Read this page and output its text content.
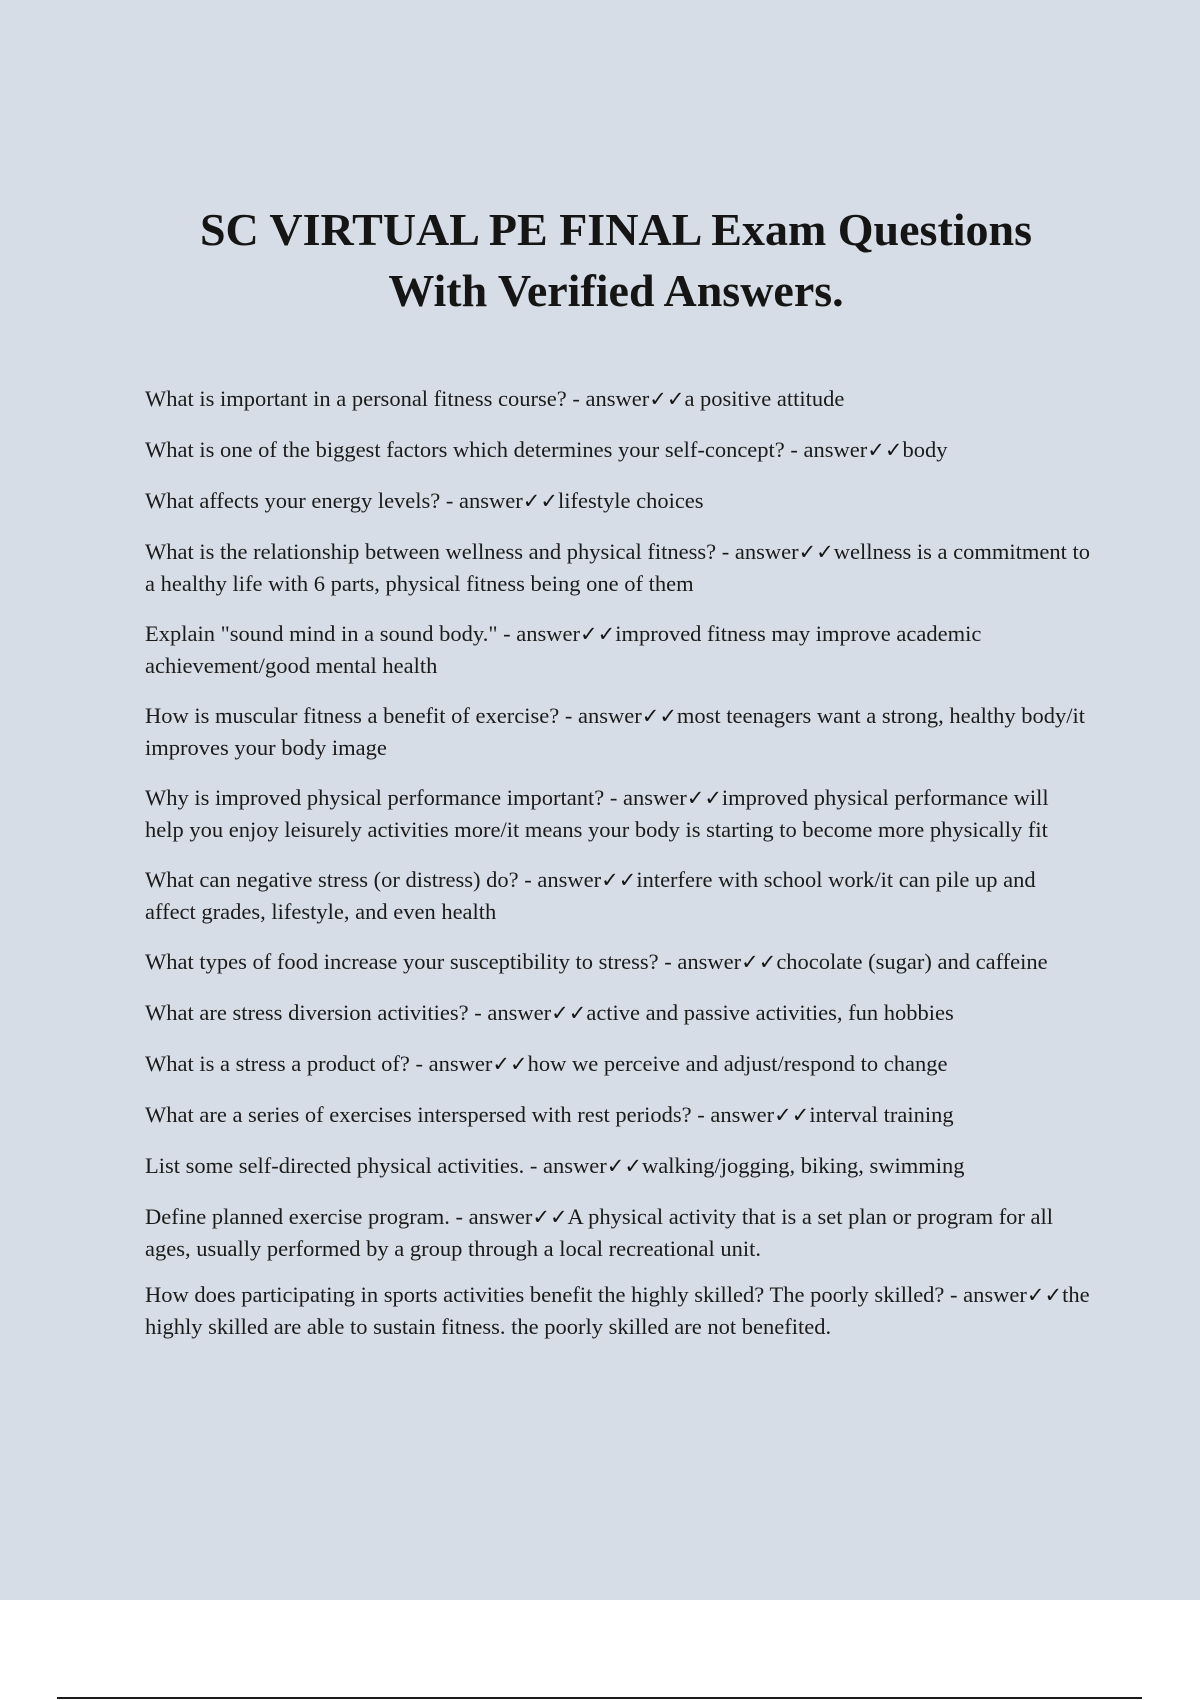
SC VIRTUAL PE FINAL Exam Questions
With Verified Answers.

What is important in a personal fitness course? - answer✓✓a positive attitude

What is one of the biggest factors which determines your self-concept? - answer✓✓body

What affects your energy levels? - answer✓✓lifestyle choices

What is the relationship between wellness and physical fitness? - answer✓✓wellness is a commitment to a healthy life with 6 parts, physical fitness being one of them

Explain "sound mind in a sound body." - answer✓✓improved fitness may improve academic achievement/good mental health

How is muscular fitness a benefit of exercise? - answer✓✓most teenagers want a strong, healthy body/it improves your body image

Why is improved physical performance important? - answer✓✓improved physical performance will help you enjoy leisurely activities more/it means your body is starting to become more physically fit

What can negative stress (or distress) do? - answer✓✓interfere with school work/it can pile up and affect grades, lifestyle, and even health

What types of food increase your susceptibility to stress? - answer✓✓chocolate (sugar) and caffeine

What are stress diversion activities? - answer✓✓active and passive activities, fun hobbies

What is a stress a product of? - answer✓✓how we perceive and adjust/respond to change

What are a series of exercises interspersed with rest periods? - answer✓✓interval training

List some self-directed physical activities. - answer✓✓walking/jogging, biking, swimming

Define planned exercise program. - answer✓✓A physical activity that is a set plan or program for all ages, usually performed by a group through a local recreational unit.

How does participating in sports activities benefit the highly skilled? The poorly skilled? - answer✓✓the highly skilled are able to sustain fitness. the poorly skilled are not benefited.
